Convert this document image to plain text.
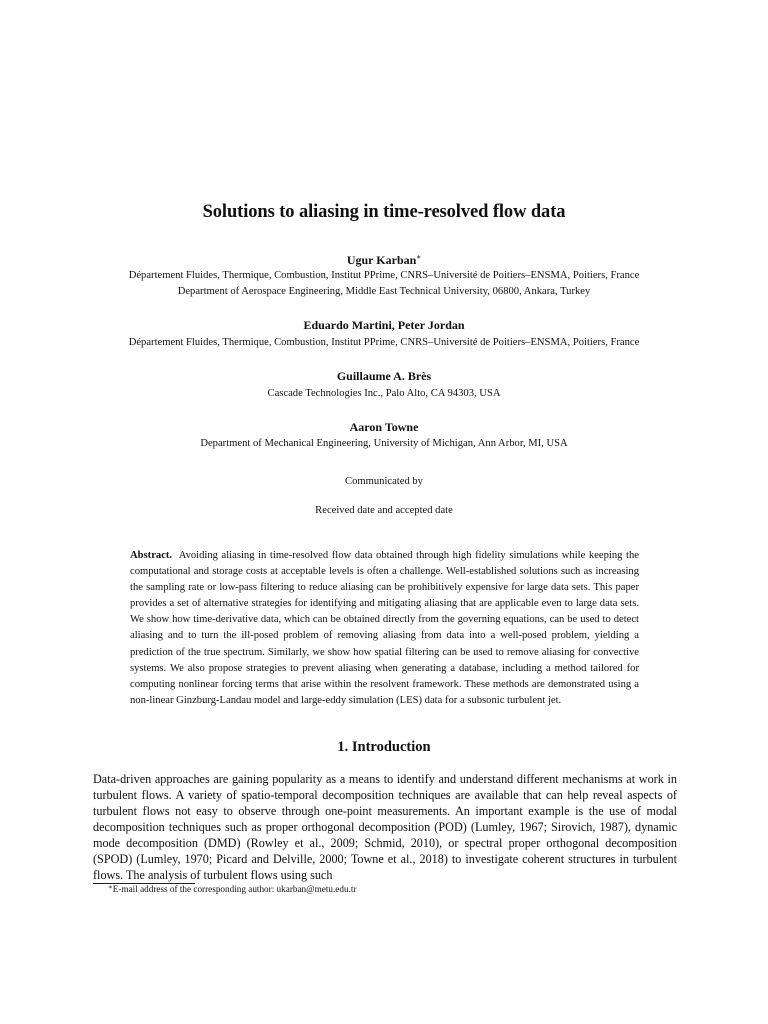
Solutions to aliasing in time-resolved flow data
Ugur Karban∗
Département Fluides, Thermique, Combustion, Institut PPrime, CNRS–Université de Poitiers–ENSMA, Poitiers, France
Department of Aerospace Engineering, Middle East Technical University, 06800, Ankara, Turkey
Eduardo Martini, Peter Jordan
Département Fluides, Thermique, Combustion, Institut PPrime, CNRS–Université de Poitiers–ENSMA, Poitiers, France
Guillaume A. Brès
Cascade Technologies Inc., Palo Alto, CA 94303, USA
Aaron Towne
Department of Mechanical Engineering, University of Michigan, Ann Arbor, MI, USA
Communicated by
Received date and accepted date
Abstract. Avoiding aliasing in time-resolved flow data obtained through high fidelity simulations while keeping the computational and storage costs at acceptable levels is often a challenge. Well-established solutions such as increasing the sampling rate or low-pass filtering to reduce aliasing can be prohibitively expensive for large data sets. This paper provides a set of alternative strategies for identifying and mitigating aliasing that are applicable even to large data sets. We show how time-derivative data, which can be obtained directly from the governing equations, can be used to detect aliasing and to turn the ill-posed problem of removing aliasing from data into a well-posed problem, yielding a prediction of the true spectrum. Similarly, we show how spatial filtering can be used to remove aliasing for convective systems. We also propose strategies to prevent aliasing when generating a database, including a method tailored for computing nonlinear forcing terms that arise within the resolvent framework. These methods are demonstrated using a non-linear Ginzburg-Landau model and large-eddy simulation (LES) data for a subsonic turbulent jet.
1. Introduction
Data-driven approaches are gaining popularity as a means to identify and understand different mechanisms at work in turbulent flows. A variety of spatio-temporal decomposition techniques are available that can help reveal aspects of turbulent flows not easy to observe through one-point measurements. An important example is the use of modal decomposition techniques such as proper orthogonal decomposition (POD) (Lumley, 1967; Sirovich, 1987), dynamic mode decomposition (DMD) (Rowley et al., 2009; Schmid, 2010), or spectral proper orthogonal decomposition (SPOD) (Lumley, 1970; Picard and Delville, 2000; Towne et al., 2018) to investigate coherent structures in turbulent flows. The analysis of turbulent flows using such
∗E-mail address of the corresponding author: ukarban@metu.edu.tr
